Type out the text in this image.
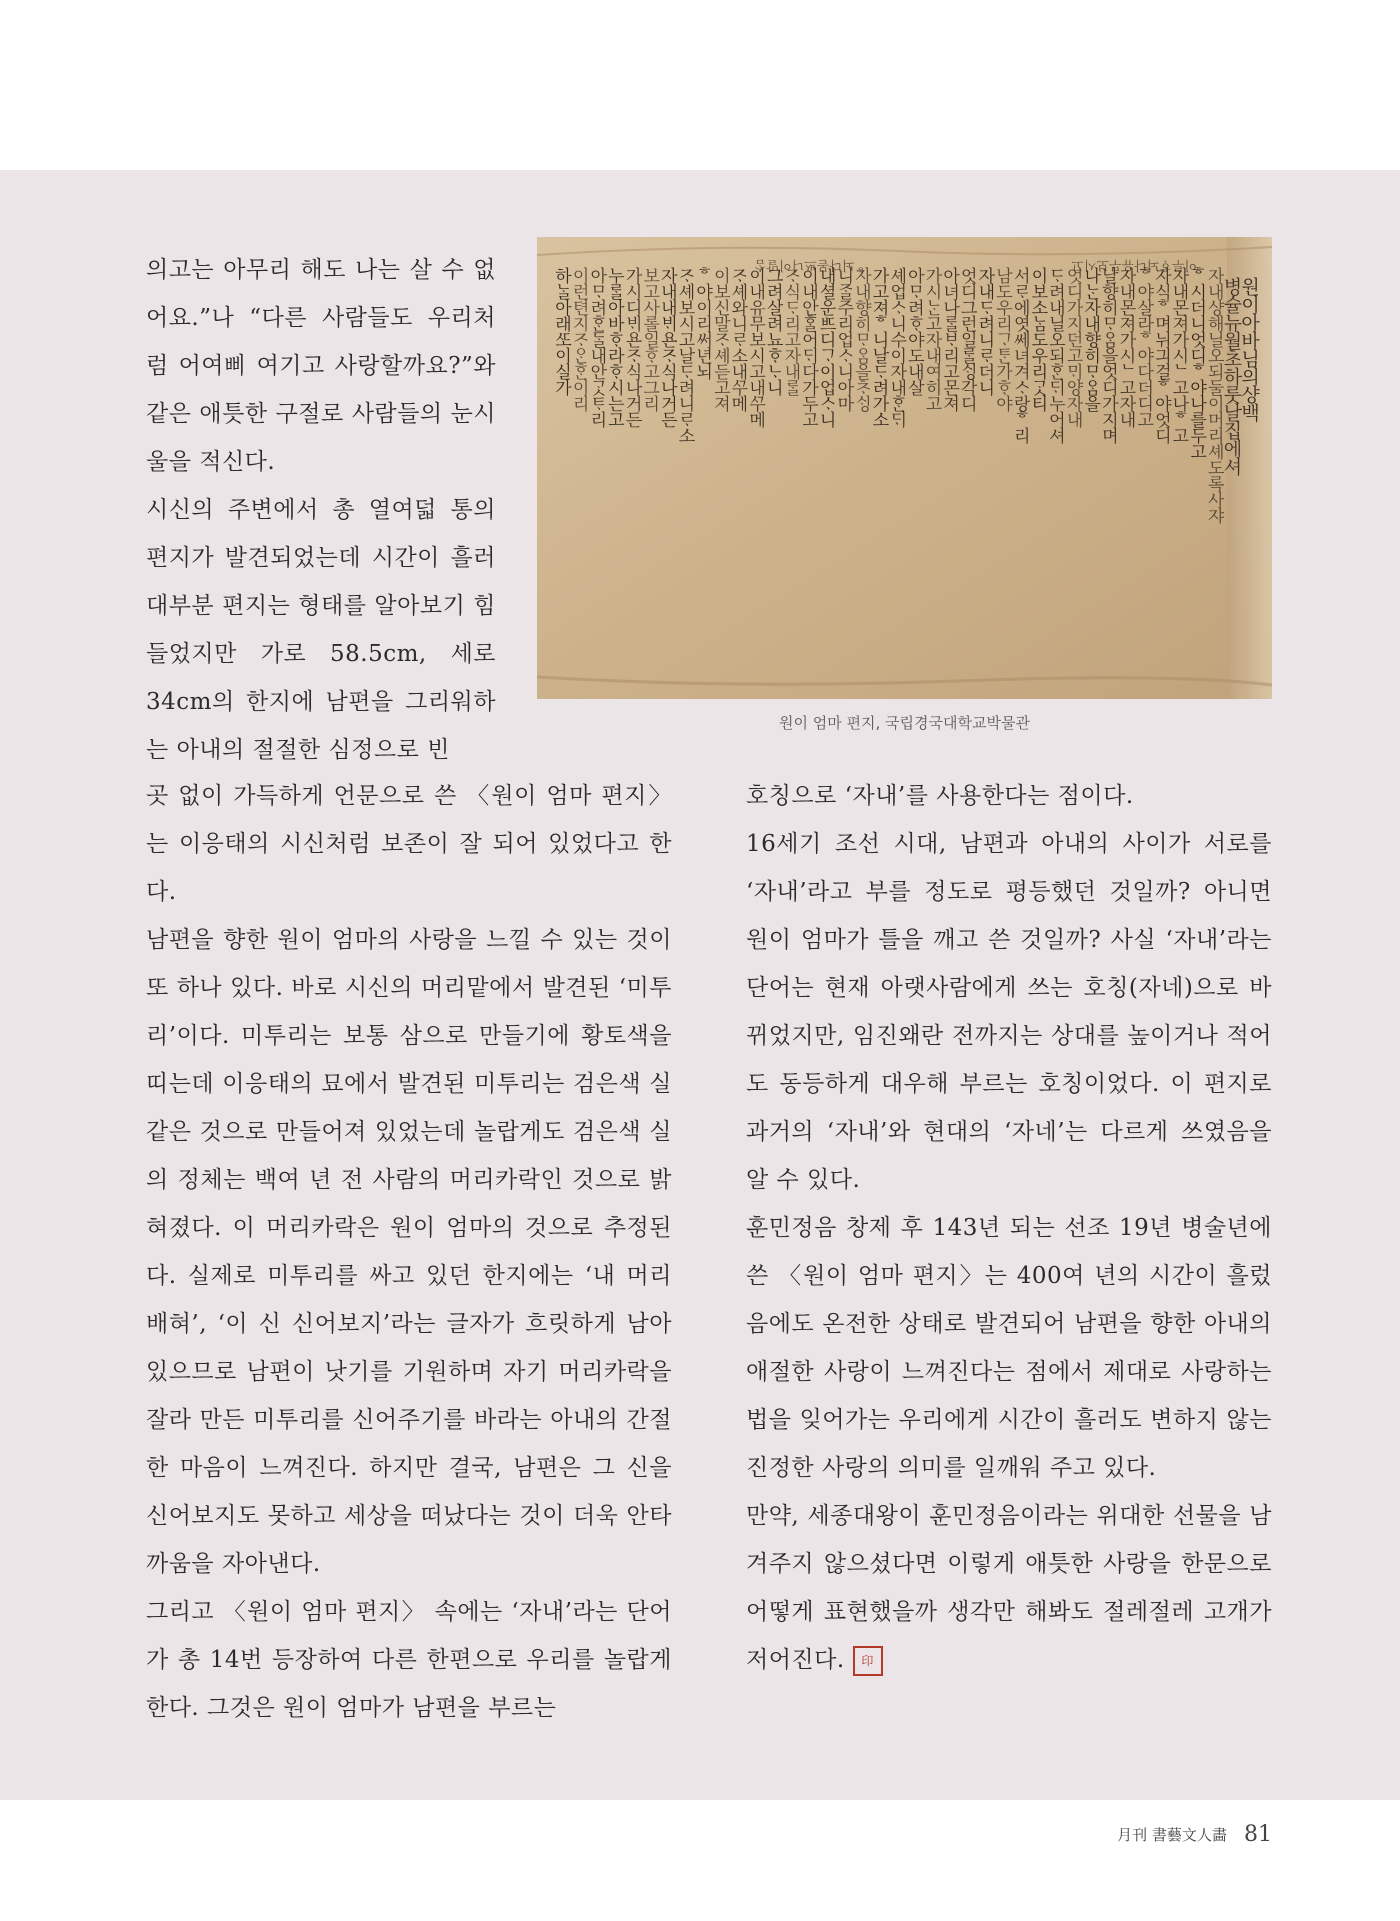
의고는 아무리 해도 나는 살 수 없어요.”나 “다른 사람들도 우리처럼 어여삐 여기고 사랑할까요?”와 같은 애틋한 구절로 사람들의 눈시울을 적신다.

시신의 주변에서 총 열여덟 통의 편지가 발견되었는데 시간이 흘러 대부분 편지는 형태를 알아보기 힘들었지만 가로 58.5cm, 세로 34cm의 한지에 남편을 그리워하는 아내의 절절한 심정으로 빈

원이아바님의샹백
병슐뉴월초하룻날집에셔
자내샹해닐오되둘이머리셰도록사쟈
ᄒ시더니엇디ᄒ야나를두고
자내몬져가시ᄂ고나ᄒ고
자식ᄒ며뉘긔걸ᄒ야엇디
ᄒ야살라ᄒ야다더디고
자내몬져가시ᄂ고자내
날향히ᄆᆞᄋᆞᆷ을엇디가지며
나ᄂᆞᆫ자내향히ᄆᆞᄋᆞᆷ을
엇디가지던고ᄆᆡ양자내
ᄃᆞ려내닐오되ᄒᆞᆫᄃᆡ누어셔
이보소ᄂᆞᆷ도우리ᄀᆞᆺ티
서ᄅᆞ에엿쎄녀겨ᄉᆞ랑ᄒ리
남도우리ᄀᆞᄐᆞᆫ가ᄒᆞ야
자내ᄃᆞ려니ᄅᆞ더니
엇디그런일ᄅᆞᆯᄉᆡᆼ각디
아녀나ᄅᆞᆯᄇᆞ리고몬져
가시ᄂᆞᆫ고자내여히고
아ᄆᆞ려ᄒᆞ야도내살
셰업ᄉᆞ니수이자내ᄒᆞᆫᄃᆡ
가고져ᄒ니날ᄃᆞ려가소
자내향히ᄆᆞᄋᆞᆷ을ᄎᆞᄉᆡᆼ
니ᄌᆞᆯ주리업ᄉᆞ니아마
내셜운ᄠᅳ디ᄀᆞ이업ᄉᆞ니
이내안ᄒᆞᆯ어ᄃᆡ다가두고
ᄌᆞ식ᄃᆞ리고자내ᄅᆞᆯ
그려살려뇨ᄒᆞᄂᆞ니
이내유무보시고내ᄭᅮ메
ᄌᆞ셰와니ᄅᆞ소내ᄭᅮ메
이보신말ᄌᆞ셰듣고져
ᄒ야이리써년뇌
ᄌᆞ셰보시고날ᄃᆞ려니ᄅᆞ소
자내내ᄇᆡ욘ᄌᆞ식나거든
보고사롤일ᄒᆞ고그리
가시디ᄇᆡ욘ᄌᆞ식나거든
누ᄅᆞᆯ아바ᄒᆞ라ᄒᆞ시는고
아ᄆᆞ려ᄒᆞᆫᄃᆞᆯ내안ᄀᆞᆺᄐᆞ리
이런텬지ᄌᆞᄋᆞᆫᄒᆞᆫ이리
하ᄂᆞᆯ아래ᄯᅩ이실가
ᄒ뇌다몯ᄡᅳ니이말ᄉᆞᆷ	이루ᄒᆞ뇌다유무보시고
원이 엄마 편지, 국립경국대학교박물관

곳 없이 가득하게 언문으로 쓴 〈원이 엄마 편지〉는 이응태의 시신처럼 보존이 잘 되어 있었다고 한다.

남편을 향한 원이 엄마의 사랑을 느낄 수 있는 것이 또 하나 있다. 바로 시신의 머리맡에서 발견된 ‘미투리’이다. 미투리는 보통 삼으로 만들기에 황토색을 띠는데 이응태의 묘에서 발견된 미투리는 검은색 실 같은 것으로 만들어져 있었는데 놀랍게도 검은색 실의 정체는 백여 년 전 사람의 머리카락인 것으로 밝혀졌다. 이 머리카락은 원이 엄마의 것으로 추정된다. 실제로 미투리를 싸고 있던 한지에는 ‘내 머리 배혀’, ‘이 신 신어보지’라는 글자가 흐릿하게 남아 있으므로 남편이 낫기를 기원하며 자기 머리카락을 잘라 만든 미투리를 신어주기를 바라는 아내의 간절한 마음이 느껴진다. 하지만 결국, 남편은 그 신을 신어보지도 못하고 세상을 떠났다는 것이 더욱 안타까움을 자아낸다.

그리고 〈원이 엄마 편지〉 속에는 ‘자내’라는 단어가 총 14번 등장하여 다른 한편으로 우리를 놀랍게 한다. 그것은 원이 엄마가 남편을 부르는

호칭으로 ‘자내’를 사용한다는 점이다.

16세기 조선 시대, 남편과 아내의 사이가 서로를 ‘자내’라고 부를 정도로 평등했던 것일까? 아니면 원이 엄마가 틀을 깨고 쓴 것일까? 사실 ‘자내’라는 단어는 현재 아랫사람에게 쓰는 호칭(자네)으로 바뀌었지만, 임진왜란 전까지는 상대를 높이거나 적어도 동등하게 대우해 부르는 호칭이었다. 이 편지로 과거의 ‘자내’와 현대의 ‘자네’는 다르게 쓰였음을 알 수 있다.

훈민정음 창제 후 143년 되는 선조 19년 병술년에 쓴 〈원이 엄마 편지〉는 400여 년의 시간이 흘렀음에도 온전한 상태로 발견되어 남편을 향한 아내의 애절한 사랑이 느껴진다는 점에서 제대로 사랑하는 법을 잊어가는 우리에게 시간이 흘러도 변하지 않는 진정한 사랑의 의미를 일깨워 주고 있다.

만약, 세종대왕이 훈민정음이라는 위대한 선물을 남겨주지 않으셨다면 이렇게 애틋한 사랑을 한문으로 어떻게 표현했을까 생각만 해봐도 절레절레 고개가 저어진다. 印

月刊 書藝文人畵 81
